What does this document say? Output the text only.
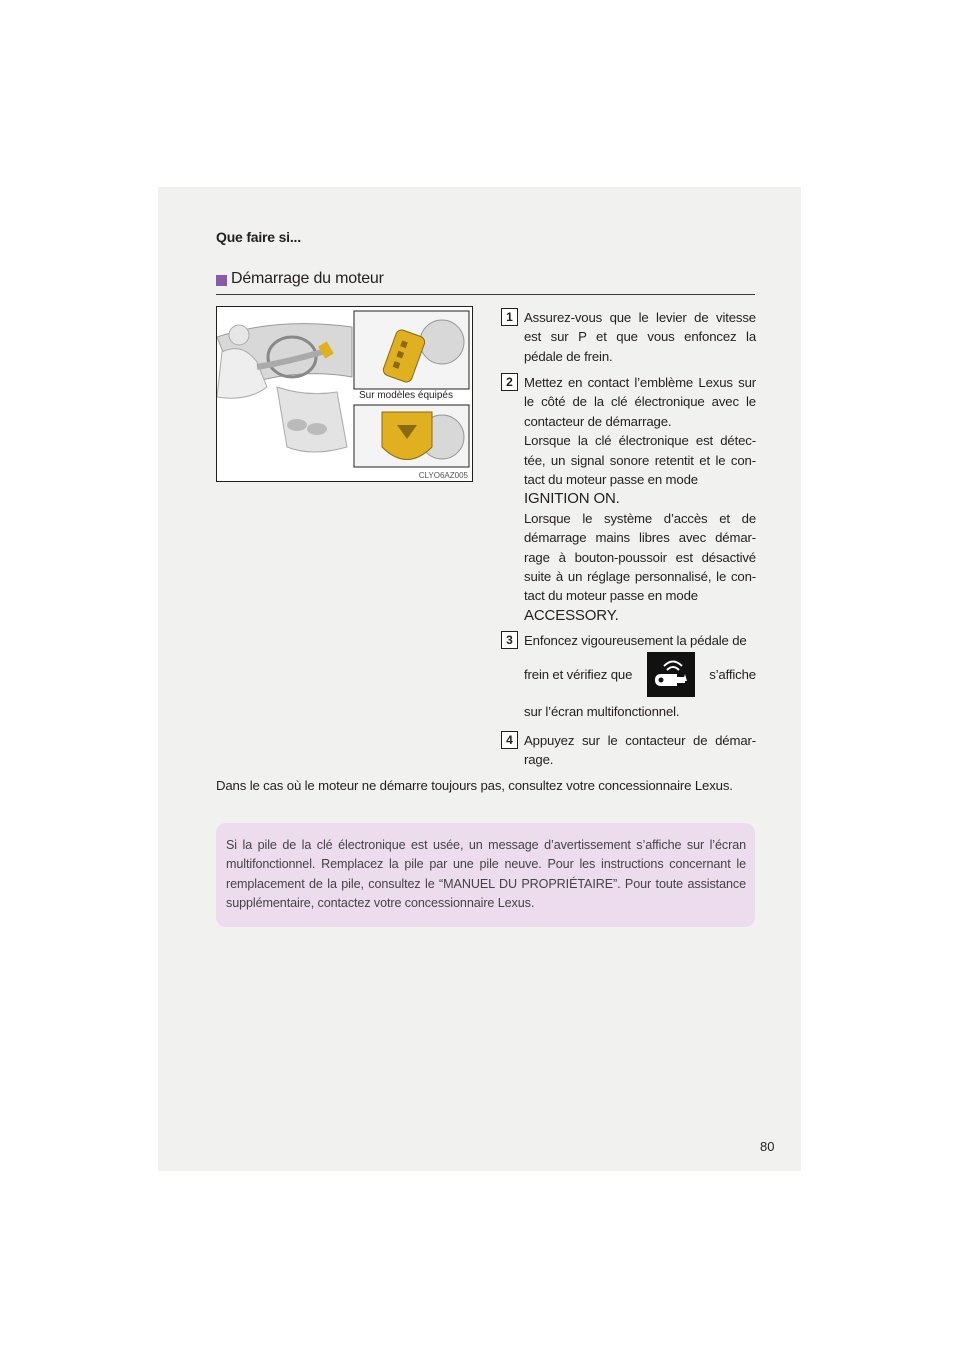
Que faire si...
Démarrage du moteur
Sur modèles équipés
CLYO6AZ005
1 Assurez-vous que le levier de vitesse est sur P et que vous enfoncez la pédale de frein.

2 Mettez en contact l’emblème Lexus sur le côté de la clé électronique avec le contacteur de démarrage.

Lorsque la clé électronique est détec-tée, un signal sonore retentit et le con-tact du moteur passe en mode

IGNITION ON.

Lorsque le système d’accès et de démarrage mains libres avec démar-rage à bouton-poussoir est désactivé suite à un réglage personnalisé, le con-tact du moteur passe en mode

ACCESSORY.

3 Enfoncez vigoureusement la pédale de

frein et vérifiez que	s’affiche

sur l’écran multifonctionnel.

4 Appuyez sur le contacteur de démar-rage.

Dans le cas où le moteur ne démarre toujours pas, consultez votre concessionnaire Lexus.

Si la pile de la clé électronique est usée, un message d’avertissement s’affiche sur l’écran multifonctionnel. Remplacez la pile par une pile neuve. Pour les instructions concernant le remplacement de la pile, consultez le “MANUEL DU PROPRIÉTAIRE”. Pour toute assistance supplémentaire, contactez votre concessionnaire Lexus.

80
